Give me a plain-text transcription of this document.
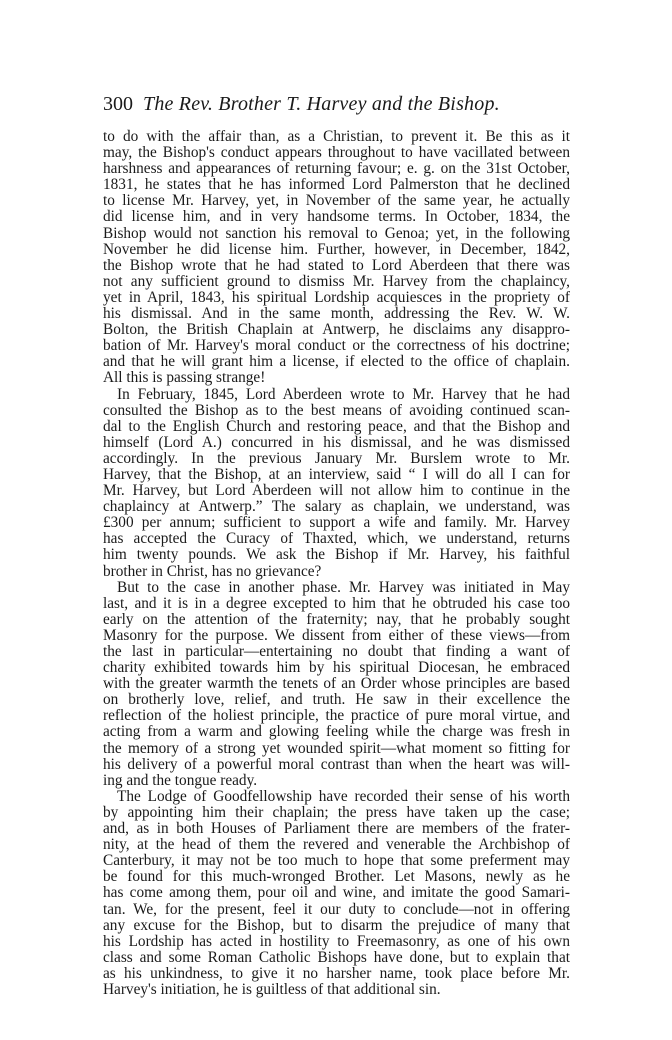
300 The Rev. Brother T. Harvey and the Bishop.

to do with the affair than, as a Christian, to prevent it. Be this as it
may, the Bishop's conduct appears throughout to have vacillated between
harshness and appearances of returning favour; e. g. on the 31st October,
1831, he states that he has informed Lord Palmerston that he declined
to license Mr. Harvey, yet, in November of the same year, he actually
did license him, and in very handsome terms. In October, 1834, the
Bishop would not sanction his removal to Genoa; yet, in the following
November he did license him. Further, however, in December, 1842,
the Bishop wrote that he had stated to Lord Aberdeen that there was
not any sufficient ground to dismiss Mr. Harvey from the chaplaincy,
yet in April, 1843, his spiritual Lordship acquiesces in the propriety of
his dismissal. And in the same month, addressing the Rev. W. W.
Bolton, the British Chaplain at Antwerp, he disclaims any disappro-
bation of Mr. Harvey's moral conduct or the correctness of his doctrine;
and that he will grant him a license, if elected to the office of chaplain.
All this is passing strange!

In February, 1845, Lord Aberdeen wrote to Mr. Harvey that he had
consulted the Bishop as to the best means of avoiding continued scan-
dal to the English Church and restoring peace, and that the Bishop and
himself (Lord A.) concurred in his dismissal, and he was dismissed
accordingly. In the previous January Mr. Burslem wrote to Mr.
Harvey, that the Bishop, at an interview, said “ I will do all I can for
Mr. Harvey, but Lord Aberdeen will not allow him to continue in the
chaplaincy at Antwerp.” The salary as chaplain, we understand, was
£300 per annum; sufficient to support a wife and family. Mr. Harvey
has accepted the Curacy of Thaxted, which, we understand, returns
him twenty pounds. We ask the Bishop if Mr. Harvey, his faithful
brother in Christ, has no grievance?

But to the case in another phase. Mr. Harvey was initiated in May
last, and it is in a degree excepted to him that he obtruded his case too
early on the attention of the fraternity; nay, that he probably sought
Masonry for the purpose. We dissent from either of these views—from
the last in particular—entertaining no doubt that finding a want of
charity exhibited towards him by his spiritual Diocesan, he embraced
with the greater warmth the tenets of an Order whose principles are based
on brotherly love, relief, and truth. He saw in their excellence the
reflection of the holiest principle, the practice of pure moral virtue, and
acting from a warm and glowing feeling while the charge was fresh in
the memory of a strong yet wounded spirit—what moment so fitting for
his delivery of a powerful moral contrast than when the heart was will-
ing and the tongue ready.

The Lodge of Goodfellowship have recorded their sense of his worth
by appointing him their chaplain; the press have taken up the case;
and, as in both Houses of Parliament there are members of the frater-
nity, at the head of them the revered and venerable the Archbishop of
Canterbury, it may not be too much to hope that some preferment may
be found for this much-wronged Brother. Let Masons, newly as he
has come among them, pour oil and wine, and imitate the good Samari-
tan. We, for the present, feel it our duty to conclude—not in offering
any excuse for the Bishop, but to disarm the prejudice of many that
his Lordship has acted in hostility to Freemasonry, as one of his own
class and some Roman Catholic Bishops have done, but to explain that
as his unkindness, to give it no harsher name, took place before Mr.
Harvey's initiation, he is guiltless of that additional sin.
